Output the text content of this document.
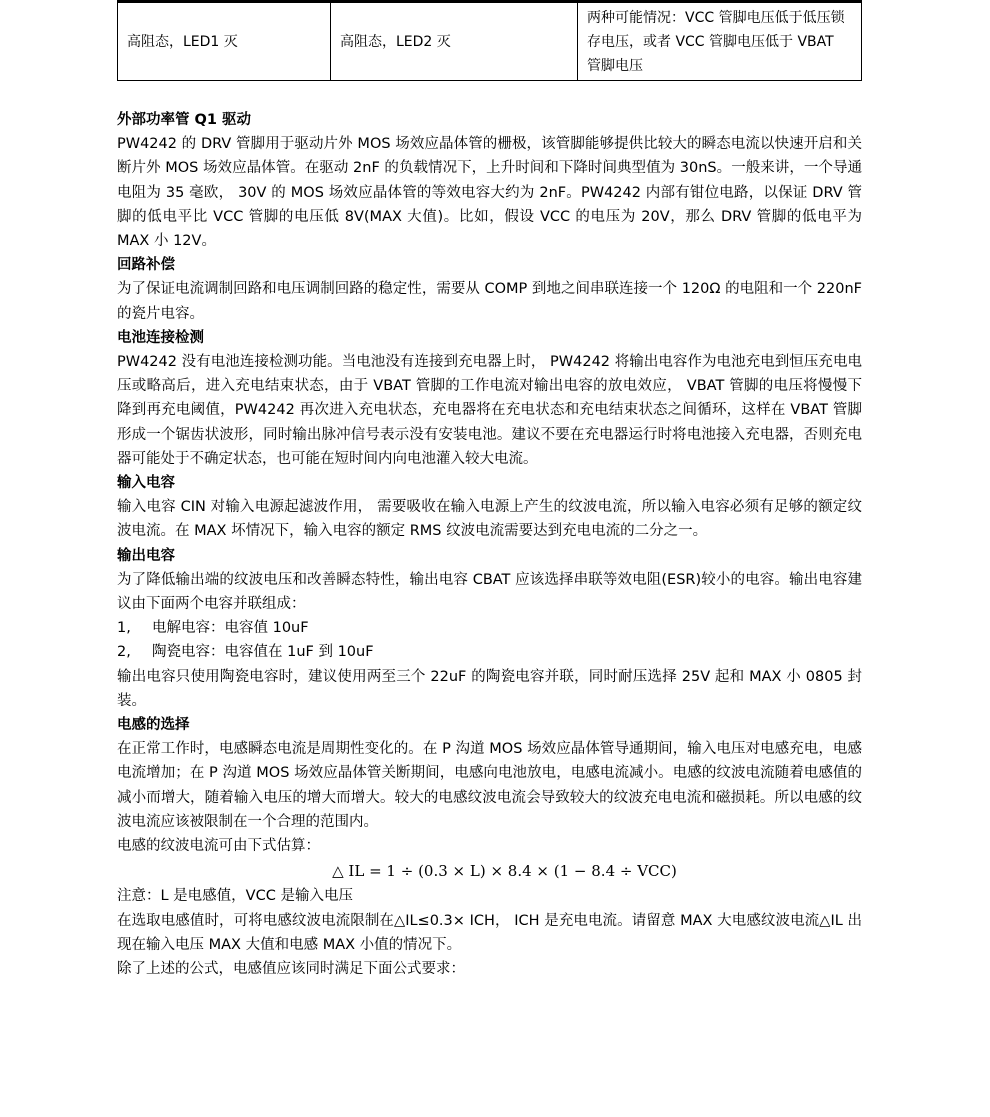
高阻态，LED1 灭	高阻态，LED2 灭	两种可能情况：VCC 管脚电压低于低压锁存电压，或者 VCC 管脚电压低于 VBAT 管脚电压
外部功率管 Q1 驱动

PW4242 的 DRV 管脚用于驱动片外 MOS 场效应晶体管的栅极，该管脚能够提供比较大的瞬态电流以快速开启和关断片外 MOS 场效应晶体管。在驱动 2nF 的负载情况下，上升时间和下降时间典型值为 30nS。一般来讲，一个导通电阻为 35 毫欧， 30V 的 MOS 场效应晶体管的等效电容大约为 2nF。PW4242 内部有钳位电路，以保证 DRV 管脚的低电平比 VCC 管脚的电压低 8V(MAX 大值)。比如，假设 VCC 的电压为 20V，那么 DRV 管脚的低电平为 MAX 小 12V。

回路补偿

为了保证电流调制回路和电压调制回路的稳定性，需要从 COMP 到地之间串联连接一个 120Ω 的电阻和一个 220nF 的瓷片电容。

电池连接检测

PW4242 没有电池连接检测功能。当电池没有连接到充电器上时， PW4242 将输出电容作为电池充电到恒压充电电压或略高后，进入充电结束状态，由于 VBAT 管脚的工作电流对输出电容的放电效应， VBAT 管脚的电压将慢慢下降到再充电阈值，PW4242 再次进入充电状态，充电器将在充电状态和充电结束状态之间循环，这样在 VBAT 管脚形成一个锯齿状波形，同时输出脉冲信号表示没有安装电池。建议不要在充电器运行时将电池接入充电器，否则充电器可能处于不确定状态，也可能在短时间内向电池灌入较大电流。

输入电容

输入电容 CIN 对输入电源起滤波作用， 需要吸收在输入电源上产生的纹波电流，所以输入电容必须有足够的额定纹波电流。在 MAX 坏情况下，输入电容的额定 RMS 纹波电流需要达到充电电流的二分之一。

输出电容

为了降低输出端的纹波电压和改善瞬态特性，输出电容 CBAT 应该选择串联等效电阻(ESR)较小的电容。输出电容建议由下面两个电容并联组成：

1,	电解电容：电容值 10uF
2,	陶瓷电容：电容值在 1uF 到 10uF

输出电容只使用陶瓷电容时，建议使用两至三个 22uF 的陶瓷电容并联，同时耐压选择 25V 起和 MAX 小 0805 封装。

电感的选择

在正常工作时，电感瞬态电流是周期性变化的。在 P 沟道 MOS 场效应晶体管导通期间，输入电压对电感充电，电感电流增加；在 P 沟道 MOS 场效应晶体管关断期间，电感向电池放电，电感电流减小。电感的纹波电流随着电感值的减小而增大，随着输入电压的增大而增大。较大的电感纹波电流会导致较大的纹波充电电流和磁损耗。所以电感的纹波电流应该被限制在一个合理的范围内。

电感的纹波电流可由下式估算：

△ IL = 1 ÷ (0.3 × L) × 8.4 × (1 − 8.4 ÷ VCC)

注意：L 是电感值，VCC 是输入电压

在选取电感值时，可将电感纹波电流限制在△IL≤0.3× ICH， ICH 是充电电流。请留意 MAX 大电感纹波电流△IL 出现在输入电压 MAX 大值和电感 MAX 小值的情况下。

除了上述的公式，电感值应该同时满足下面公式要求：
